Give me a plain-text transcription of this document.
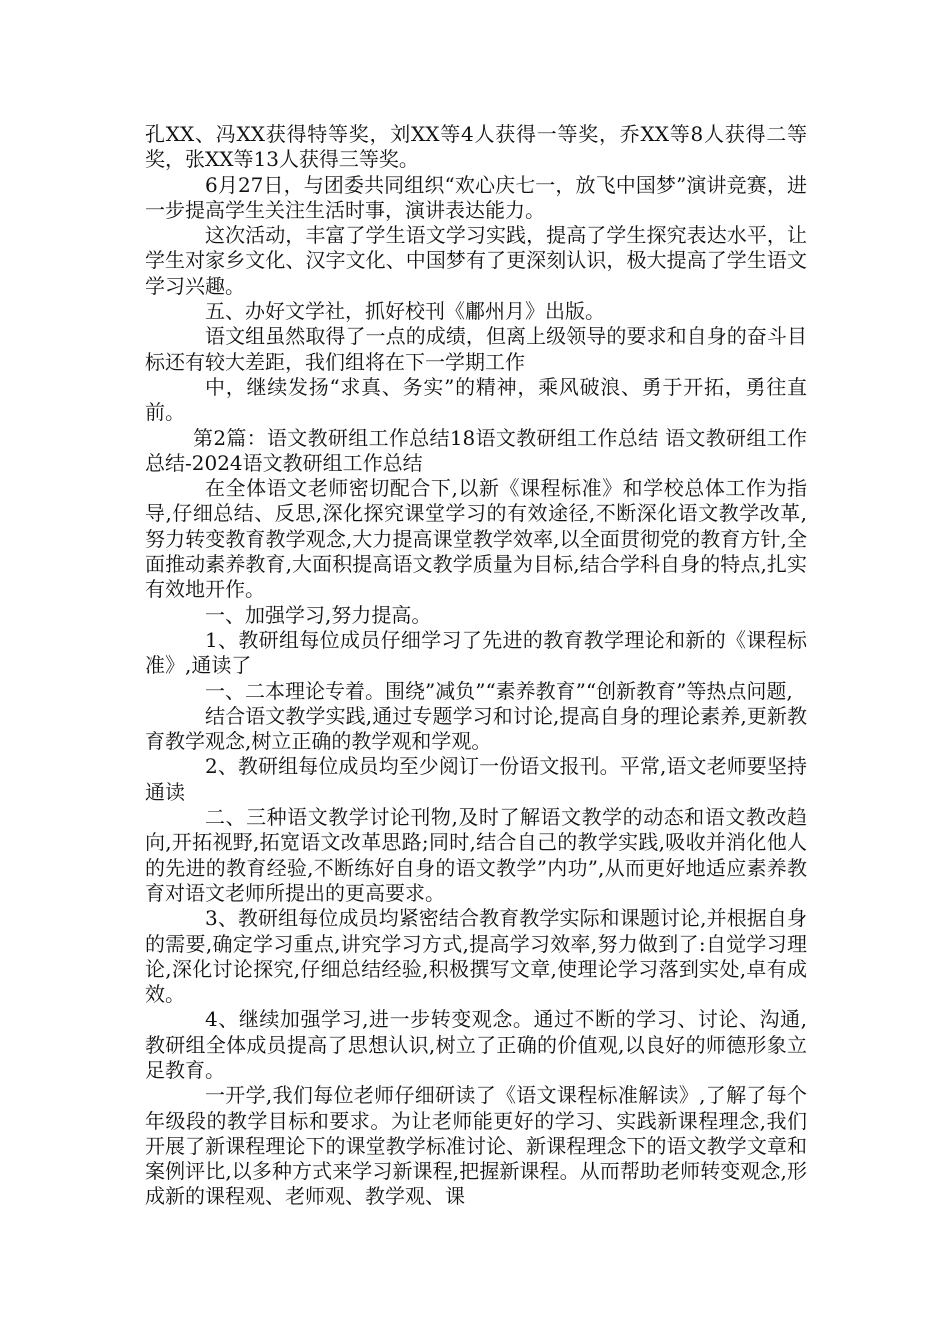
孔XX、冯XX获得特等奖，刘XX等4人获得一等奖，乔XX等8人获得二等奖，张XX等13人获得三等奖。

6月27日，与团委共同组织“欢心庆七一，放飞中国梦”演讲竞赛，进一步提高学生关注生活时事，演讲表达能力。

这次活动，丰富了学生语文学习实践，提高了学生探究表达水平，让学生对家乡文化、汉字文化、中国梦有了更深刻认识，极大提高了学生语文学习兴趣。

五、办好文学社，抓好校刊《鄘州月》出版。

语文组虽然取得了一点的成绩，但离上级领导的要求和自身的奋斗目标还有较大差距，我们组将在下一学期工作

中，继续发扬“求真、务实”的精神，乘风破浪、勇于开拓，勇往直前。

第2篇：语文教研组工作总结18语文教研组工作总结 语文教研组工作总结-2024语文教研组工作总结

在全体语文老师密切配合下,以新《课程标准》和学校总体工作为指导,仔细总结、反思,深化探究课堂学习的有效途径,不断深化语文教学改革,努力转变教育教学观念,大力提高课堂教学效率,以全面贯彻党的教育方针,全面推动素养教育,大面积提高语文教学质量为目标,结合学科自身的特点,扎实有效地开作。

一、加强学习,努力提高。

1、教研组每位成员仔细学习了先进的教育教学理论和新的《课程标准》,通读了

一、二本理论专着。围绕”减负”“素养教育”“创新教育”等热点问题,

结合语文教学实践,通过专题学习和讨论,提高自身的理论素养,更新教育教学观念,树立正确的教学观和学观。

2、教研组每位成员均至少阅订一份语文报刊。平常,语文老师要坚持通读

二、三种语文教学讨论刊物,及时了解语文教学的动态和语文教改趋向,开拓视野,拓宽语文改革思路;同时,结合自己的教学实践,吸收并消化他人的先进的教育经验,不断练好自身的语文教学”内功”,从而更好地适应素养教育对语文老师所提出的更高要求。

3、教研组每位成员均紧密结合教育教学实际和课题讨论,并根据自身的需要,确定学习重点,讲究学习方式,提高学习效率,努力做到了:自觉学习理论,深化讨论探究,仔细总结经验,积极撰写文章,使理论学习落到实处,卓有成效。

4、继续加强学习,进一步转变观念。通过不断的学习、讨论、沟通,教研组全体成员提高了思想认识,树立了正确的价值观,以良好的师德形象立足教育。

一开学,我们每位老师仔细研读了《语文课程标准解读》,了解了每个年级段的教学目标和要求。为让老师能更好的学习、实践新课程理念,我们开展了新课程理论下的课堂教学标准讨论、新课程理念下的语文教学文章和案例评比,以多种方式来学习新课程,把握新课程。从而帮助老师转变观念,形成新的课程观、老师观、教学观、课
